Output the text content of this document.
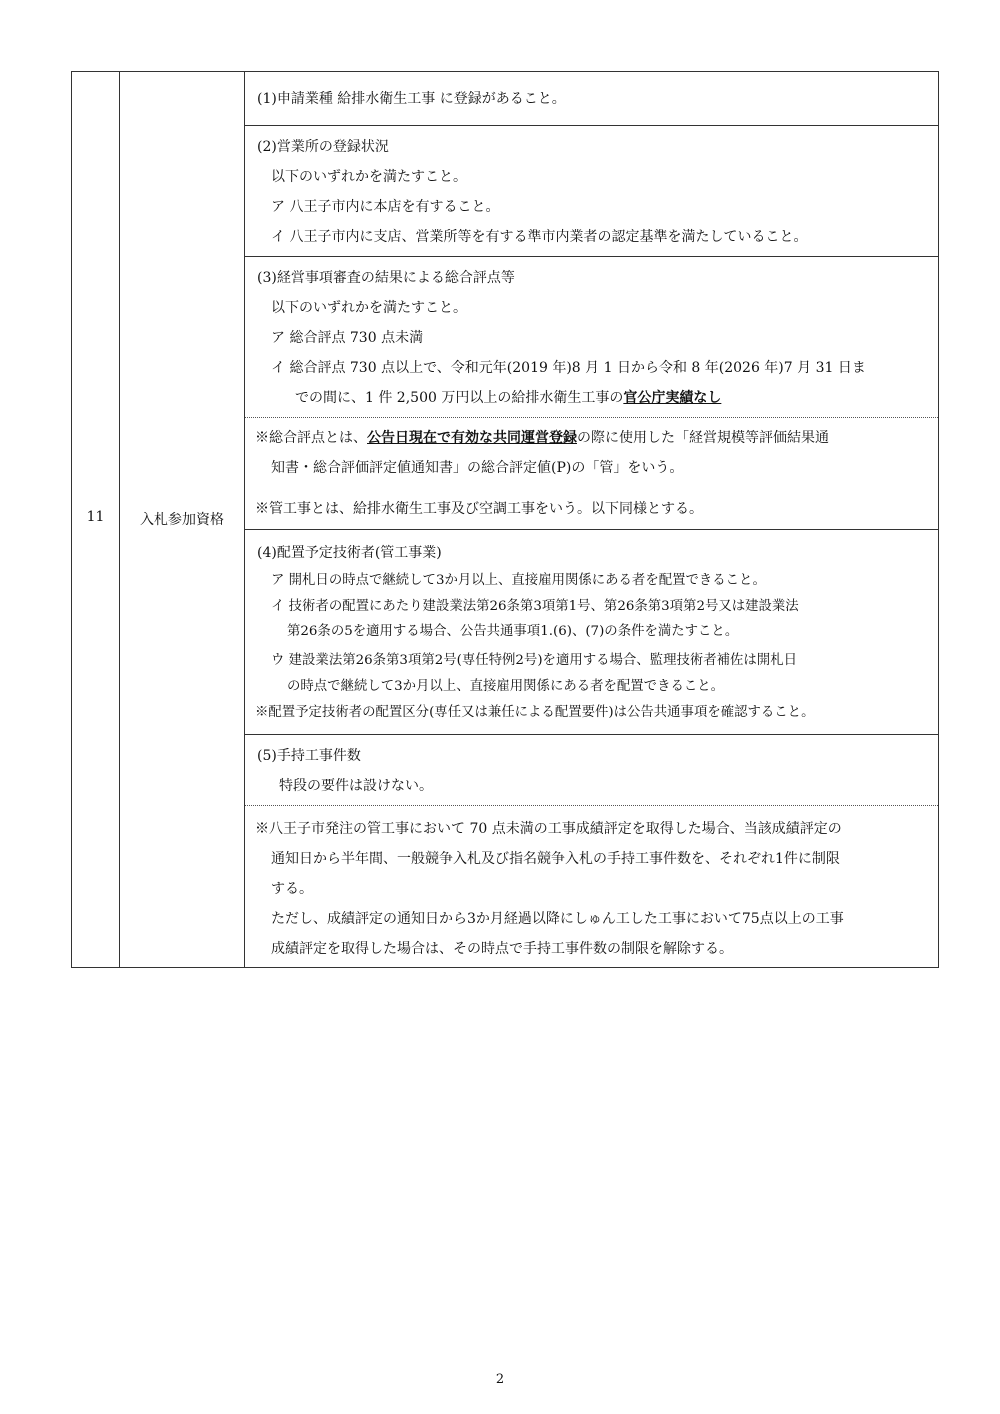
11	入札参加資格
(1)申請業種 給排水衛生工事 に登録があること。
(2)営業所の登録状況
以下のいずれかを満たすこと。
ア 八王子市内に本店を有すること。
イ 八王子市内に支店、営業所等を有する準市内業者の認定基準を満たしていること。
(3)経営事項審査の結果による総合評点等
以下のいずれかを満たすこと。
ア 総合評点 730 点未満
イ 総合評点 730 点以上で、令和元年(2019 年)8 月 1 日から令和 8 年(2026 年)7 月 31 日ま
での間に、1 件 2,500 万円以上の給排水衛生工事の官公庁実績なし
※総合評点とは、公告日現在で有効な共同運営登録の際に使用した「経営規模等評価結果通
知書・総合評価評定値通知書」の総合評定値(P)の「管」をいう。
※管工事とは、給排水衛生工事及び空調工事をいう。以下同様とする。
(4)配置予定技術者(管工事業)
ア 開札日の時点で継続して3か月以上、直接雇用関係にある者を配置できること。
イ 技術者の配置にあたり建設業法第26条第3項第1号、第26条第3項第2号又は建設業法
第26条の5を適用する場合、公告共通事項1.(6)、(7)の条件を満たすこと。
ウ 建設業法第26条第3項第2号(専任特例2号)を適用する場合、監理技術者補佐は開札日
の時点で継続して3か月以上、直接雇用関係にある者を配置できること。
※配置予定技術者の配置区分(専任又は兼任による配置要件)は公告共通事項を確認すること。
(5)手持工事件数
特段の要件は設けない。
※八王子市発注の管工事において 70 点未満の工事成績評定を取得した場合、当該成績評定の
通知日から半年間、一般競争入札及び指名競争入札の手持工事件数を、それぞれ1件に制限
する。
ただし、成績評定の通知日から3か月経過以降にしゅん工した工事において75点以上の工事
成績評定を取得した場合は、その時点で手持工事件数の制限を解除する。
2
